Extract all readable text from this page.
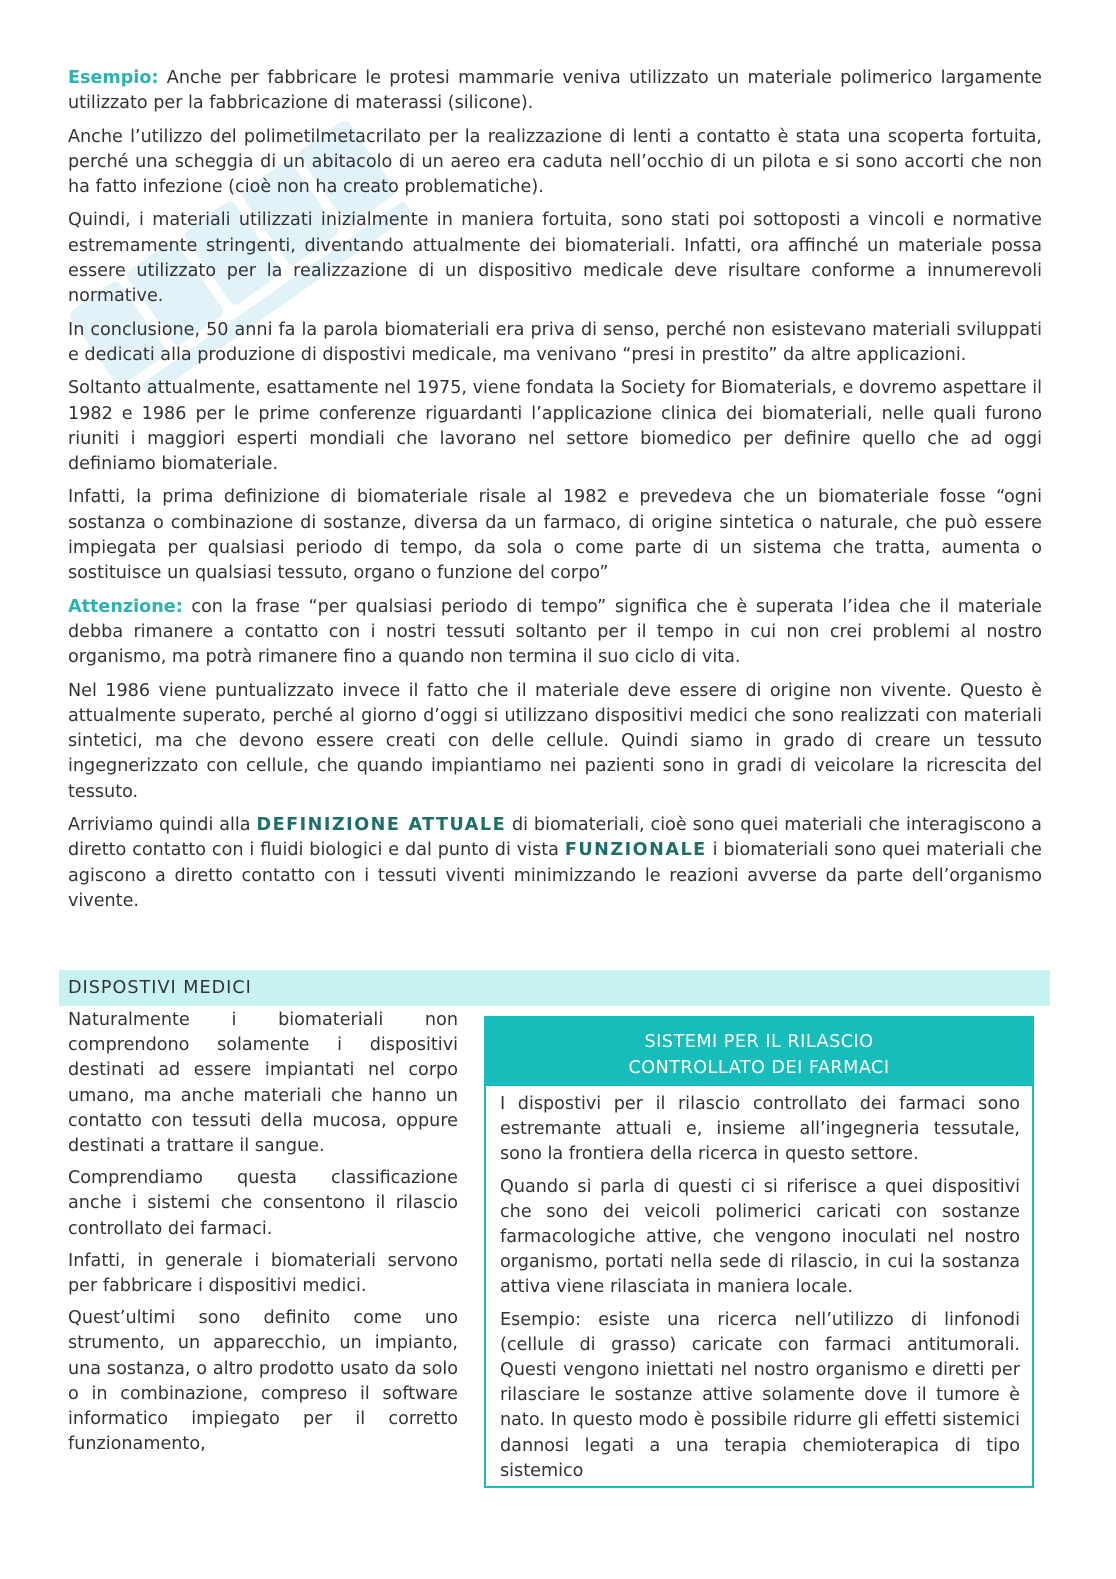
Esempio: Anche per fabbricare le protesi mammarie veniva utilizzato un materiale polimerico largamente utilizzato per la fabbricazione di materassi (silicone).

Anche l’utilizzo del polimetilmetacrilato per la realizzazione di lenti a contatto è stata una scoperta fortuita, perché una scheggia di un abitacolo di un aereo era caduta nell’occhio di un pilota e si sono accorti che non ha fatto infezione (cioè non ha creato problematiche).

Quindi, i materiali utilizzati inizialmente in maniera fortuita, sono stati poi sottoposti a vincoli e normative estremamente stringenti, diventando attualmente dei biomateriali. Infatti, ora affinché un materiale possa essere utilizzato per la realizzazione di un dispositivo medicale deve risultare conforme a innumerevoli normative.

In conclusione, 50 anni fa la parola biomateriali era priva di senso, perché non esistevano materiali sviluppati e dedicati alla produzione di dispostivi medicale, ma venivano “presi in prestito” da altre applicazioni.

Soltanto attualmente, esattamente nel 1975, viene fondata la Society for Biomaterials, e dovremo aspettare il 1982 e 1986 per le prime conferenze riguardanti l’applicazione clinica dei biomateriali, nelle quali furono riuniti i maggiori esperti mondiali che lavorano nel settore biomedico per definire quello che ad oggi definiamo biomateriale.

Infatti, la prima definizione di biomateriale risale al 1982 e prevedeva che un biomateriale fosse “ogni sostanza o combinazione di sostanze, diversa da un farmaco, di origine sintetica o naturale, che può essere impiegata per qualsiasi periodo di tempo, da sola o come parte di un sistema che tratta, aumenta o sostituisce un qualsiasi tessuto, organo o funzione del corpo”

Attenzione: con la frase “per qualsiasi periodo di tempo” significa che è superata l’idea che il materiale debba rimanere a contatto con i nostri tessuti soltanto per il tempo in cui non crei problemi al nostro organismo, ma potrà rimanere fino a quando non termina il suo ciclo di vita.

Nel 1986 viene puntualizzato invece il fatto che il materiale deve essere di origine non vivente. Questo è attualmente superato, perché al giorno d’oggi si utilizzano dispositivi medici che sono realizzati con materiali sintetici, ma che devono essere creati con delle cellule. Quindi siamo in grado di creare un tessuto ingegnerizzato con cellule, che quando impiantiamo nei pazienti sono in gradi di veicolare la ricrescita del tessuto.

Arriviamo quindi alla DEFINIZIONE ATTUALE di biomateriali, cioè sono quei materiali che interagiscono a diretto contatto con i fluidi biologici e dal punto di vista FUNZIONALE i biomateriali sono quei materiali che agiscono a diretto contatto con i tessuti viventi minimizzando le reazioni avverse da parte dell’organismo vivente.

DISPOSTIVI MEDICI

Naturalmente i biomateriali non comprendono solamente i dispositivi destinati ad essere impiantati nel corpo umano, ma anche materiali che hanno un contatto con tessuti della mucosa, oppure destinati a trattare il sangue.

Comprendiamo questa classificazione anche i sistemi che consentono il rilascio controllato dei farmaci.

Infatti, in generale i biomateriali servono per fabbricare i dispositivi medici.

Quest’ultimi sono definito come uno strumento, un apparecchio, un impianto, una sostanza, o altro prodotto usato da solo o in combinazione, compreso il software informatico impiegato per il corretto funzionamento,

SISTEMI PER IL RILASCIO
CONTROLLATO DEI FARMACI

I dispostivi per il rilascio controllato dei farmaci sono estremante attuali e, insieme all’ingegneria tessutale, sono la frontiera della ricerca in questo settore.

Quando si parla di questi ci si riferisce a quei dispositivi che sono dei veicoli polimerici caricati con sostanze farmacologiche attive, che vengono inoculati nel nostro organismo, portati nella sede di rilascio, in cui la sostanza attiva viene rilasciata in maniera locale.

Esempio: esiste una ricerca nell’utilizzo di linfonodi (cellule di grasso) caricate con farmaci antitumorali. Questi vengono iniettati nel nostro organismo e diretti per rilasciare le sostanze attive solamente dove il tumore è nato. In questo modo è possibile ridurre gli effetti sistemici dannosi legati a una terapia chemioterapica di tipo sistemico
